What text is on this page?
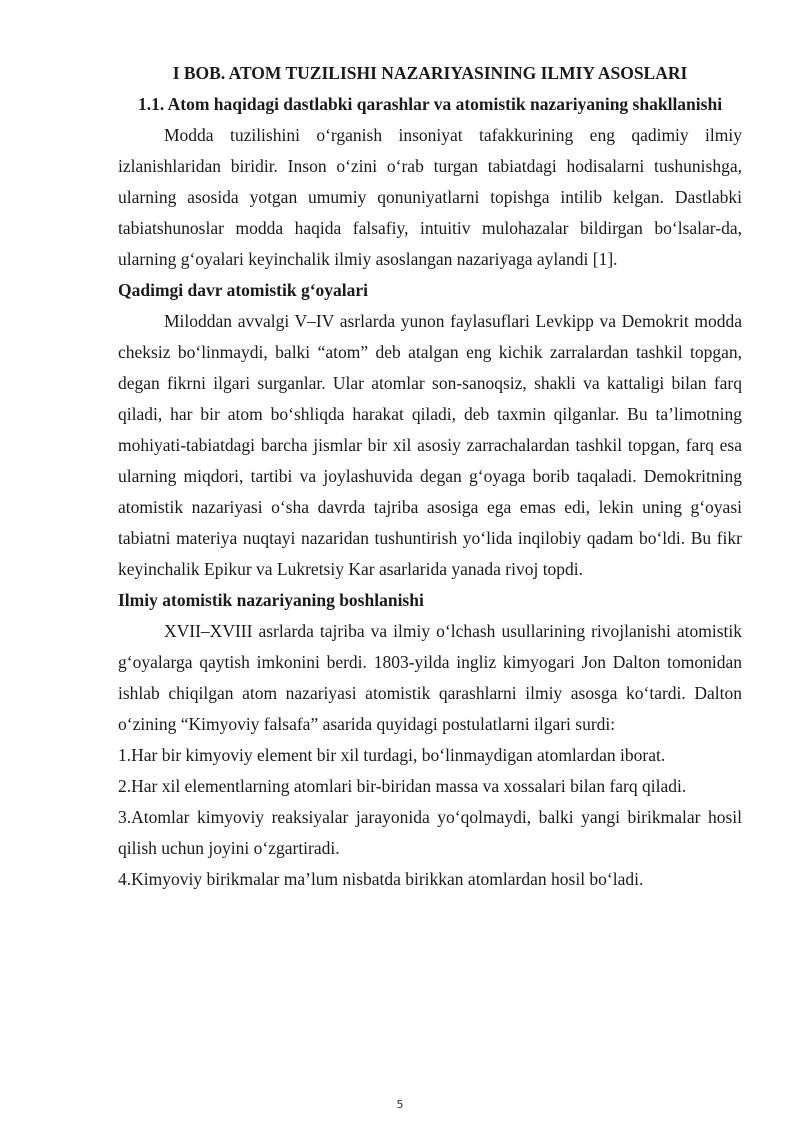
I BOB. ATOM TUZILISHI NAZARIYASINING ILMIY ASOSLARI

1.1. Atom haqidagi dastlabki qarashlar va atomistik nazariyaning shakllanishi

Modda tuzilishini o‘rganish insoniyat tafakkurining eng qadimiy ilmiy izlanishlaridan biridir. Inson o‘zini o‘rab turgan tabiatdagi hodisalarni tushunishga, ularning asosida yotgan umumiy qonuniyatlarni topishga intilib kelgan. Dastlabki tabiatshunoslar modda haqida falsafiy, intuitiv mulohazalar bildirgan bo‘lsalar-da, ularning g‘oyalari keyinchalik ilmiy asoslangan nazariyaga aylandi [1].

Qadimgi davr atomistik g‘oyalari

Miloddan avvalgi V–IV asrlarda yunon faylasuflari Levkipp va Demokrit modda cheksiz bo‘linmaydi, balki “atom” deb atalgan eng kichik zarralardan tashkil topgan, degan fikrni ilgari surganlar. Ular atomlar son-sanoqsiz, shakli va kattaligi bilan farq qiladi, har bir atom bo‘shliqda harakat qiladi, deb taxmin qilganlar. Bu ta’limotning mohiyati-tabiatdagi barcha jismlar bir xil asosiy zarrachalardan tashkil topgan, farq esa ularning miqdori, tartibi va joylashuvida degan g‘oyaga borib taqaladi. Demokritning atomistik nazariyasi o‘sha davrda tajriba asosiga ega emas edi, lekin uning g‘oyasi tabiatni materiya nuqtayi nazaridan tushuntirish yo‘lida inqilobiy qadam bo‘ldi. Bu fikr keyinchalik Epikur va Lukretsiy Kar asarlarida yanada rivoj topdi.

Ilmiy atomistik nazariyaning boshlanishi

XVII–XVIII asrlarda tajriba va ilmiy o‘lchash usullarining rivojlanishi atomistik g‘oyalarga qaytish imkonini berdi. 1803-yilda ingliz kimyogari Jon Dalton tomonidan ishlab chiqilgan atom nazariyasi atomistik qarashlarni ilmiy asosga ko‘tardi. Dalton o‘zining “Kimyoviy falsafa” asarida quyidagi postulatlarni ilgari surdi:

1.Har bir kimyoviy element bir xil turdagi, bo‘linmaydigan atomlardan iborat.

2.Har xil elementlarning atomlari bir-biridan massa va xossalari bilan farq qiladi.

3.Atomlar kimyoviy reaksiyalar jarayonida yo‘qolmaydi, balki yangi birikmalar hosil qilish uchun joyini o‘zgartiradi.

4.Kimyoviy birikmalar ma’lum nisbatda birikkan atomlardan hosil bo‘ladi.

5
